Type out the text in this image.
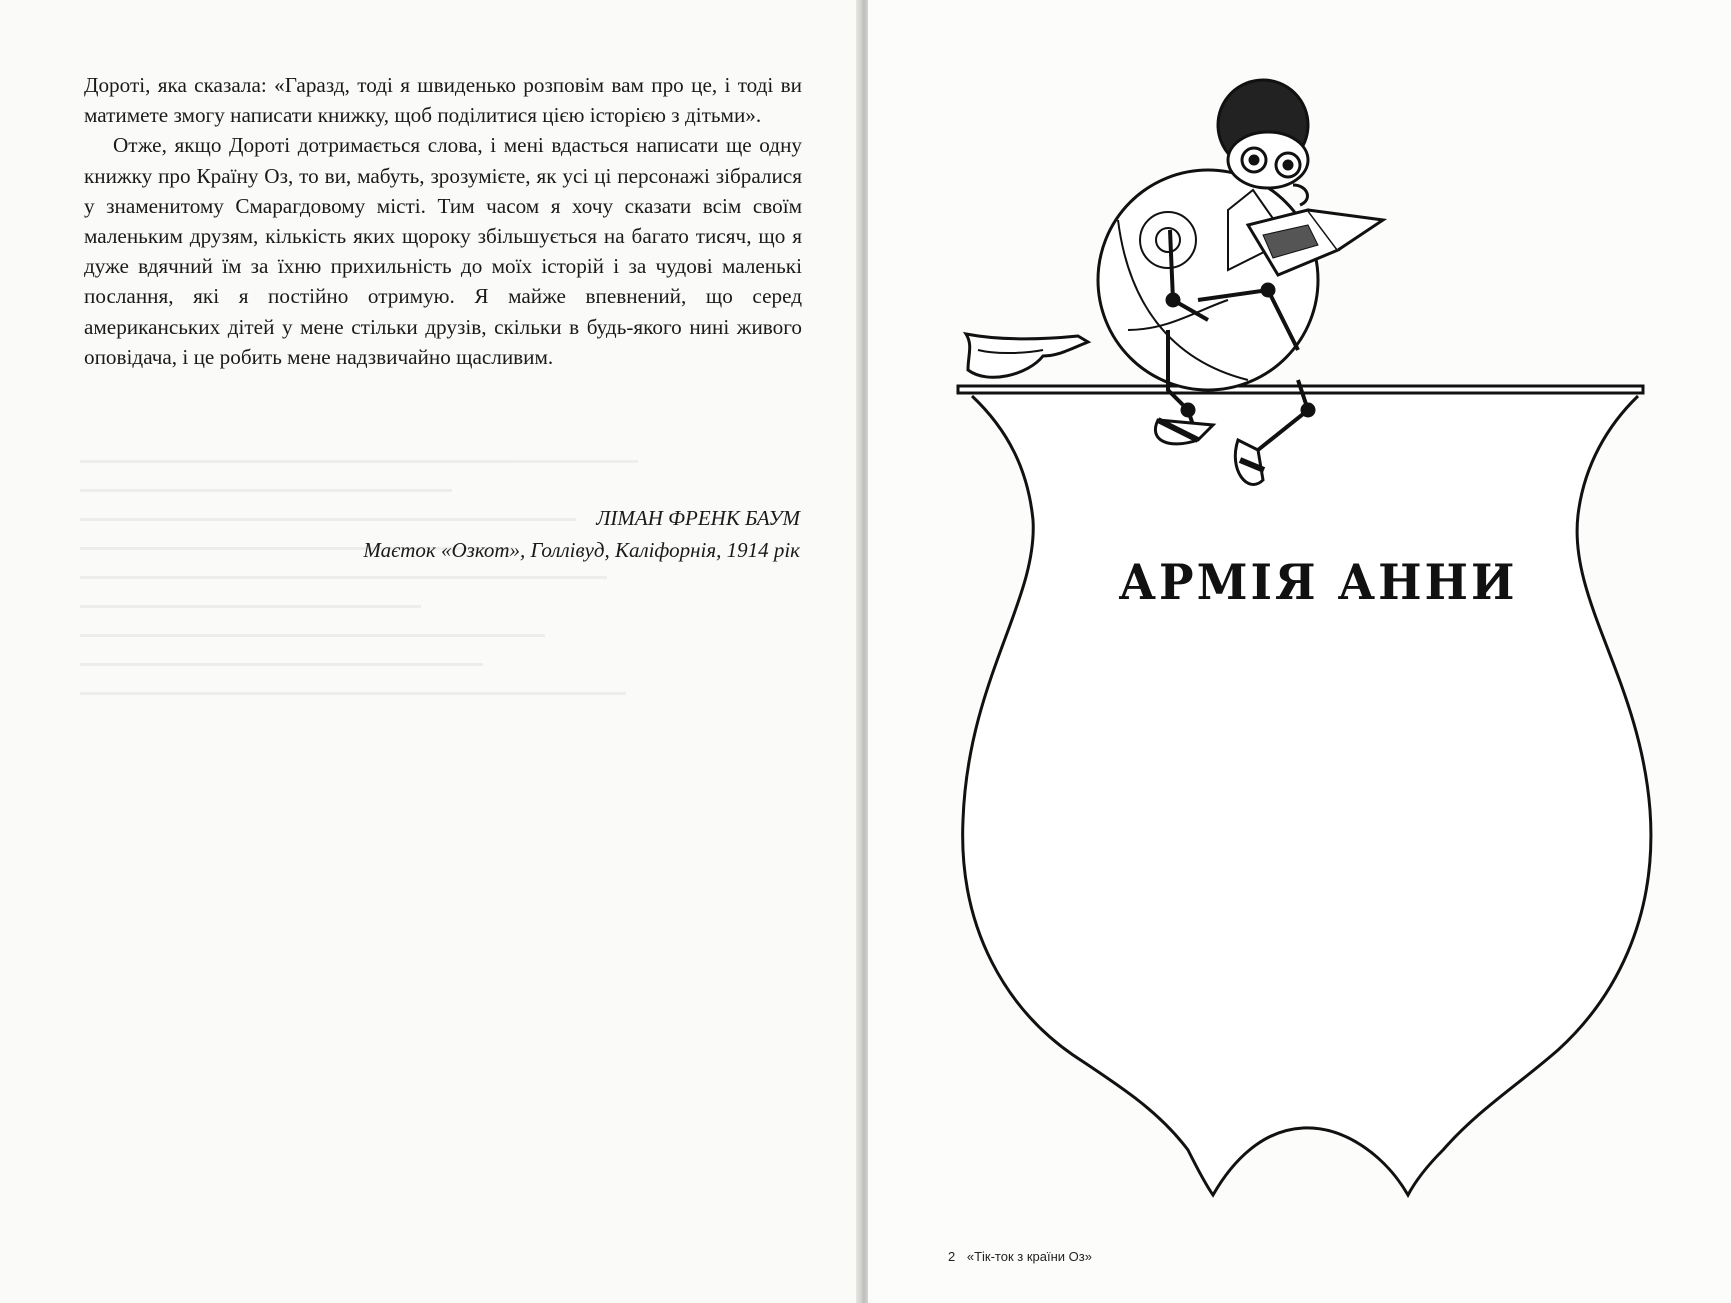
Дороті, яка сказала: «Гаразд, тоді я швиденько розповім вам про це, і тоді ви матимете змогу написати книжку, щоб поділитися цією історією з дітьми».

Отже, якщо Дороті дотримається слова, і мені вдасться написати ще одну книжку про Країну Оз, то ви, мабуть, зрозумієте, як усі ці персонажі зібралися у знаменитому Смарагдовому місті. Тим часом я хочу сказати всім своїм маленьким друзям, кількість яких щороку збільшується на багато тисяч, що я дуже вдячний їм за їхню прихильність до моїх історій і за чудові маленькі послання, які я постійно отримую. Я майже впевнений, що серед американських дітей у мене стільки друзів, скільки в будь-якого нині живого оповідача, і це робить мене надзвичайно щасливим.

ЛІМАН ФРЕНК БАУМ
Маєток «Озкот», Голлівуд, Каліфорнія, 1914 рік
АРМІЯ АННИ
2 «Тік-ток з країни Оз»
